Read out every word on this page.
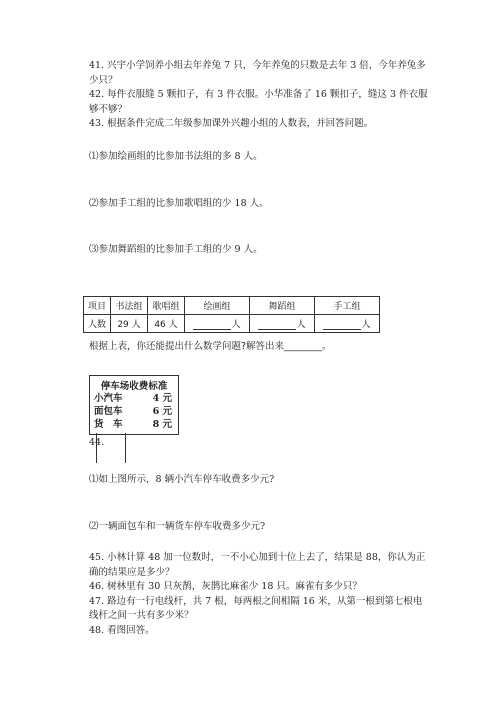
41. 兴宇小学饲养小组去年养兔 7 只，今年养兔的只数是去年 3 倍，今年养兔多
少只？
42. 每件衣服缝 5 颗扣子，有 3 件衣服。小华准备了 16 颗扣子，缝这 3 件衣服
够不够？
43. 根据条件完成二年级参加课外兴趣小组的人数表，并回答问题。
⑴参加绘画组的比参加书法组的多 8 人。
⑵参加手工组的比参加歌唱组的少 18 人。
⑶参加舞蹈组的比参加手工组的少 9 人。
项目	书法组	歌唱组	绘画组	舞蹈组	手工组
人数	29 人	46 人	人	人	人
根据上表，你还能提出什么数学问题?解答出来________。
停车场收费标准
小汽车	4 元
面包车	6 元
货　车	8 元
44.
⑴如上图所示，8 辆小汽车停车收费多少元?
⑵一辆面包车和一辆货车停车收费多少元?
45. 小林计算 48 加一位数时，一不小心加到十位上去了，结果是 88，你认为正
确的结果应是多少？
46. 树林里有 30 只灰鹊，灰鹊比麻雀少 18 只。麻雀有多少只？
47. 路边有一行电线杆，共 7 根，每两根之间相隔 16 米，从第一根到第七根电
线杆之间一共有多少米？
48. 看图回答。
